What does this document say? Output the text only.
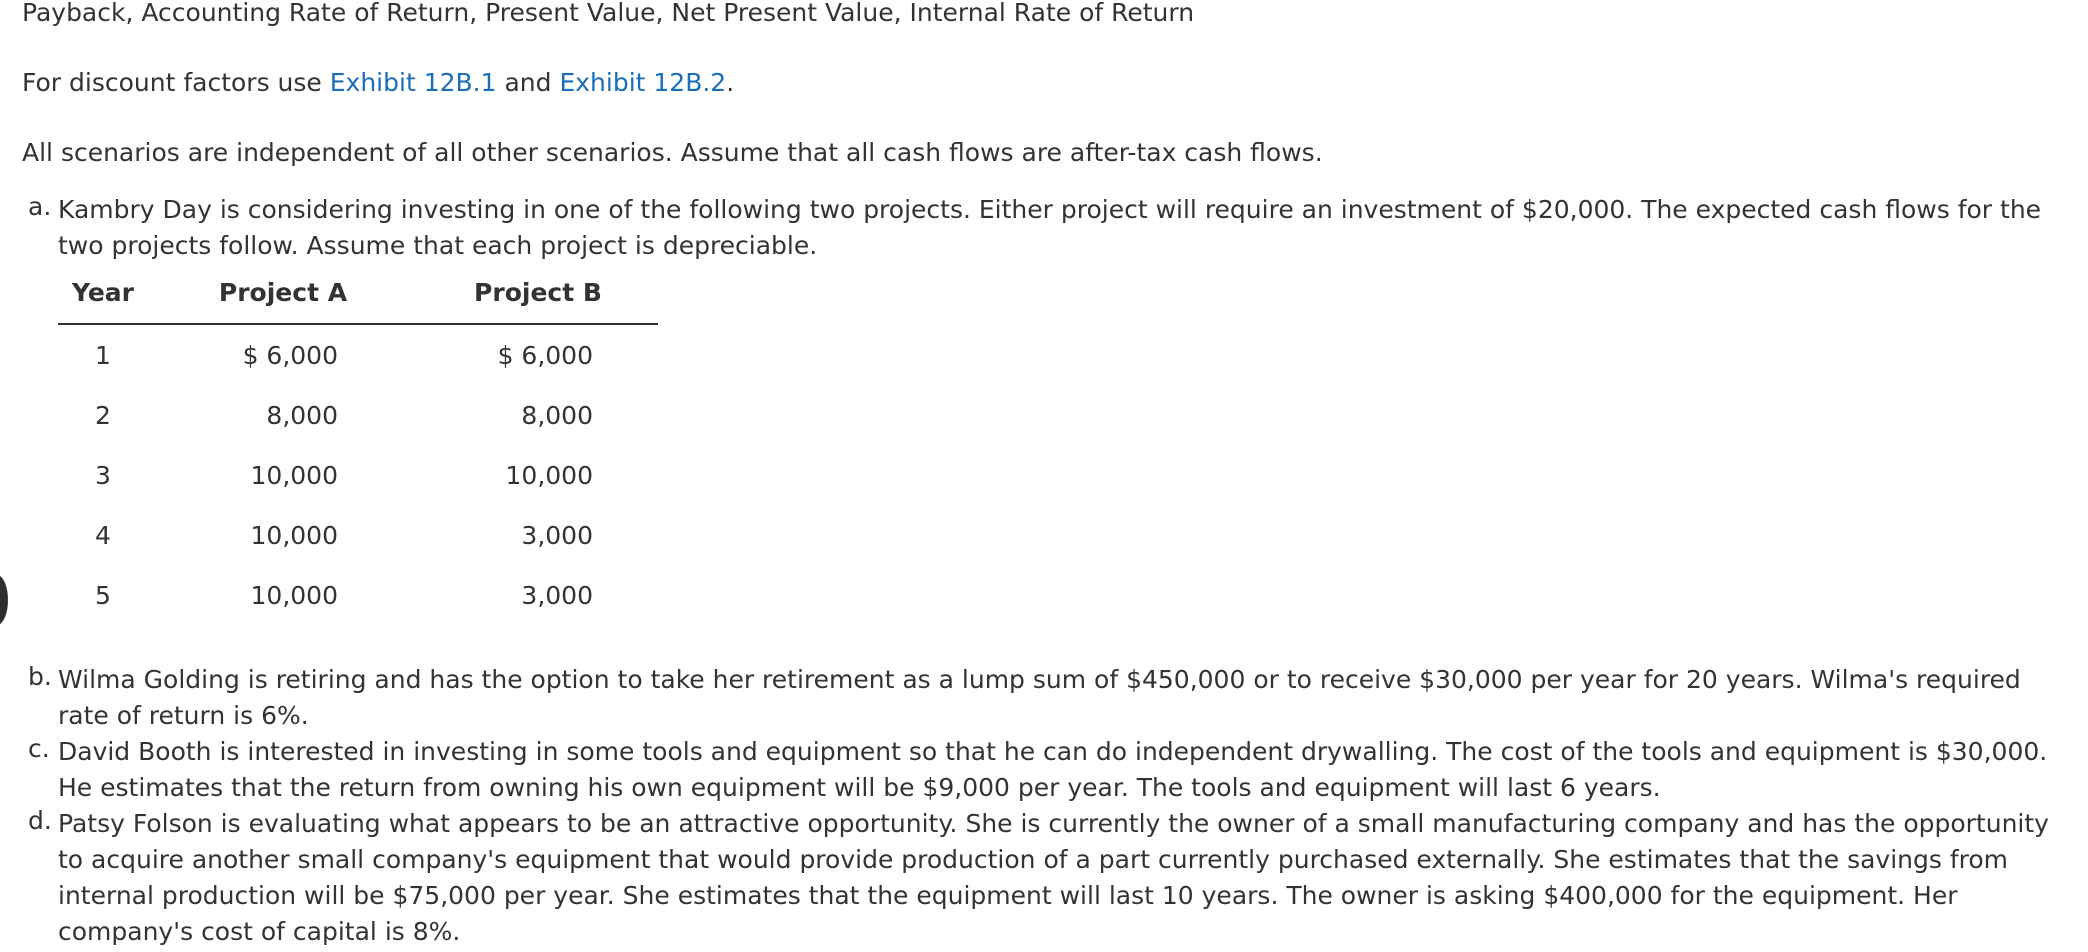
Payback, Accounting Rate of Return, Present Value, Net Present Value, Internal Rate of Return
For discount factors use Exhibit 12B.1 and Exhibit 12B.2.
All scenarios are independent of all other scenarios. Assume that all cash flows are after-tax cash flows.
a. Kambry Day is considering investing in one of the following two projects. Either project will require an investment of $20,000. The expected cash flows for the two projects follow. Assume that each project is depreciable.
Year	Project A	Project B
1	$ 6,000	$ 6,000
2	8,000	8,000
3	10,000	10,000
4	10,000	3,000
5	10,000	3,000
b. Wilma Golding is retiring and has the option to take her retirement as a lump sum of $450,000 or to receive $30,000 per year for 20 years. Wilma's required rate of return is 6%.
c. David Booth is interested in investing in some tools and equipment so that he can do independent drywalling. The cost of the tools and equipment is $30,000. He estimates that the return from owning his own equipment will be $9,000 per year. The tools and equipment will last 6 years.
d. Patsy Folson is evaluating what appears to be an attractive opportunity. She is currently the owner of a small manufacturing company and has the opportunity to acquire another small company's equipment that would provide production of a part currently purchased externally. She estimates that the savings from internal production will be $75,000 per year. She estimates that the equipment will last 10 years. The owner is asking $400,000 for the equipment. Her company's cost of capital is 8%.
